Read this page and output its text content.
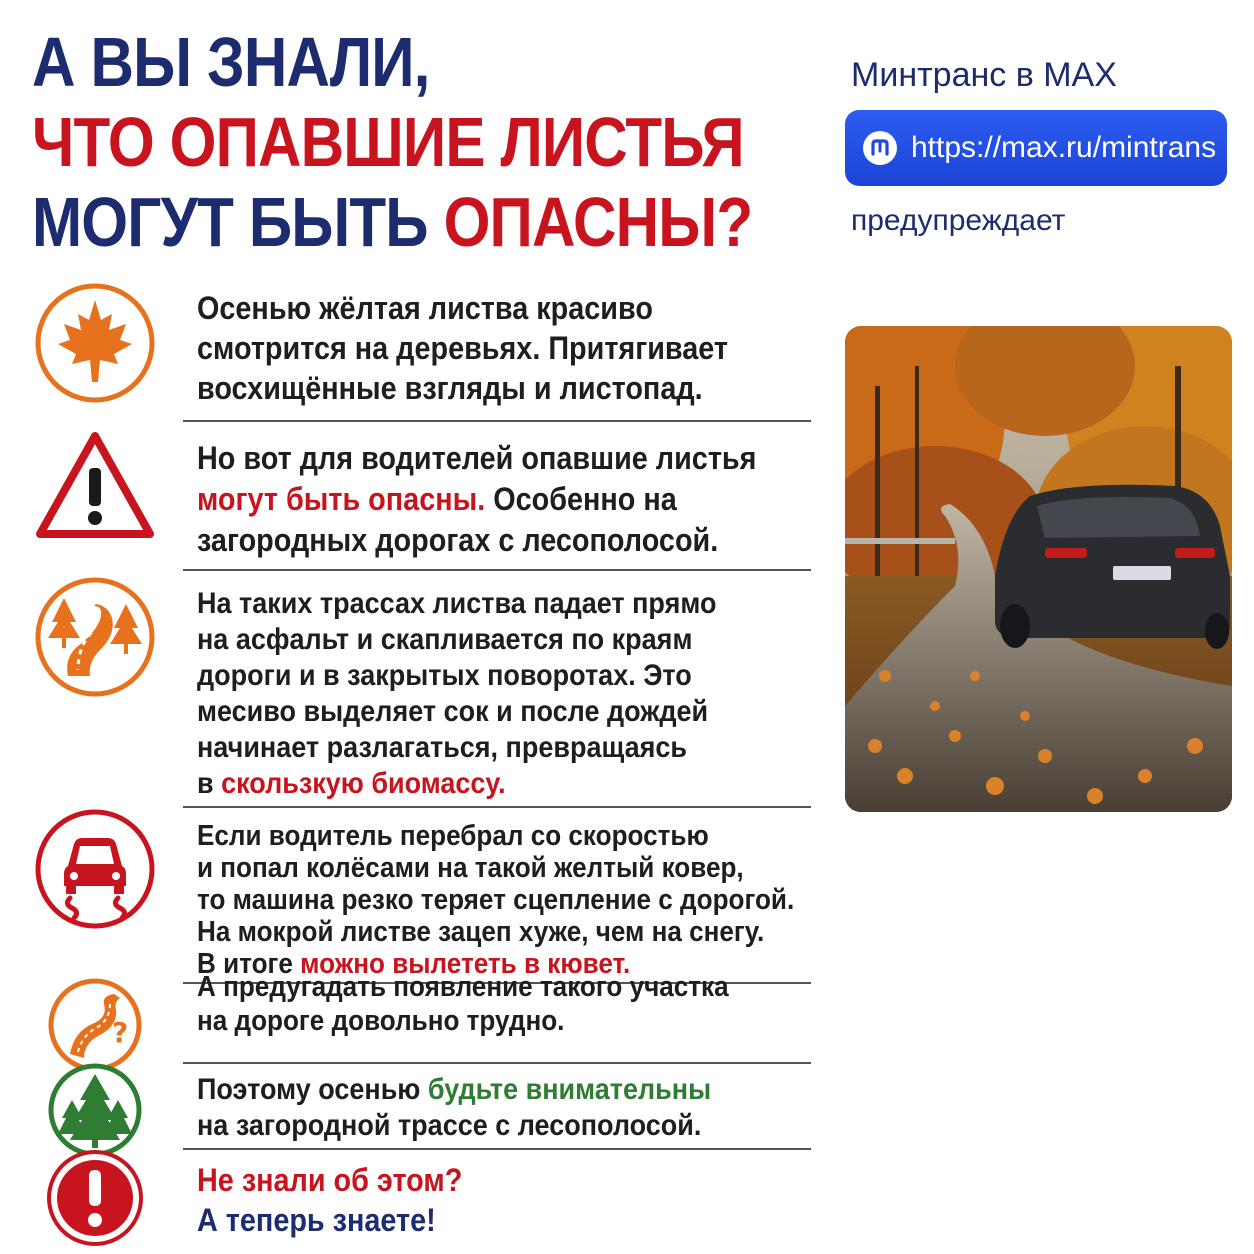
А ВЫ ЗНАЛИ,
ЧТО ОПАВШИЕ ЛИСТЬЯ
МОГУТ БЫТЬ ОПАСНЫ?
Минтранс в MAX
https://max.ru/mintrans
предупреждает
Осенью жёлтая листва красиво
смотрится на деревьях. Притягивает
восхищённые взгляды и листопад.
Но вот для водителей опавшие листья
могут быть опасны. Особенно на
загородных дорогах с лесополосой.
На таких трассах листва падает прямо
на асфальт и скапливается по краям
дороги и в закрытых поворотах. Это
месиво выделяет сок и после дождей
начинает разлагаться, превращаясь
в скользкую биомассу.
Если водитель перебрал со скоростью
и попал колёсами на такой желтый ковер,
то машина резко теряет сцепление с дорогой.
На мокрой листве зацеп хуже, чем на снегу.
В итоге можно вылететь в кювет.
?
А предугадать появление такого участка
на дороге довольно трудно.
Поэтому осенью будьте внимательны
на загородной трассе с лесополосой.
Не знали об этом?
А теперь знаете!
